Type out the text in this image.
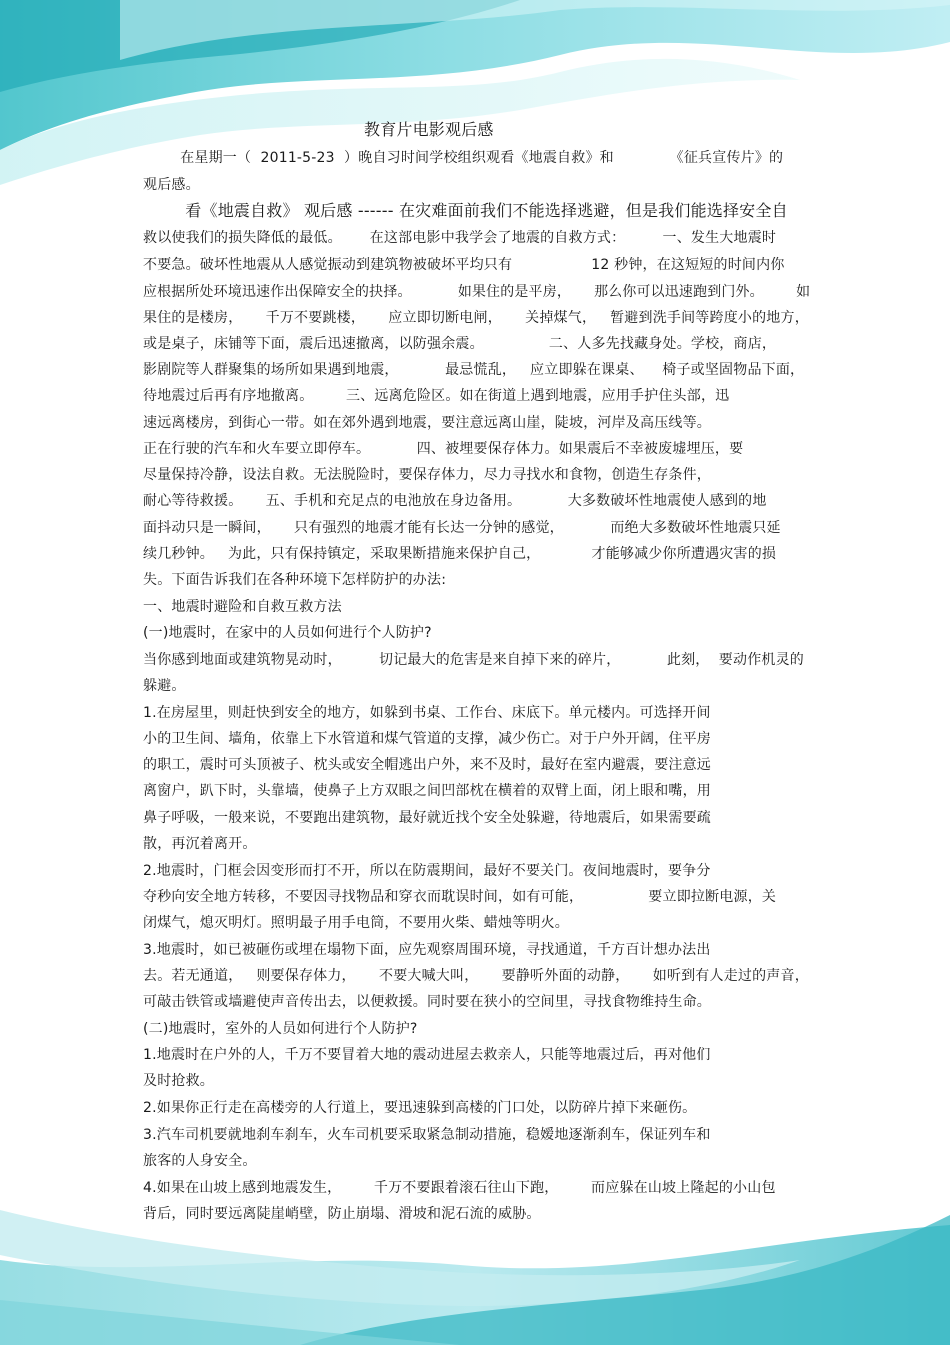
教育片电影观后感
在星期一（  2011-5-23  ）晚自习时间学校组织观看《地震自救》和            《征兵宣传片》的
观后感。
看《地震自救》 观后感 ------ 在灾难面前我们不能选择逃避，但是我们能选择安全自
救以使我们的损失降低的最低。      在这部电影中我学会了地震的自救方式：        一、发生大地震时
不要急。破坏性地震从人感觉振动到建筑物被破坏平均只有                 12 秒钟，在这短短的时间内你
应根据所处环境迅速作出保障安全的抉择。          如果住的是平房，     那么你可以迅速跑到门外。       如
果住的是楼房，     千万不要跳楼，     应立即切断电闸，     关掉煤气，   暂避到洗手间等跨度小的地方，
或是桌子，床铺等下面，震后迅速撤离，以防强余震。              二、人多先找藏身处。学校，商店，
影剧院等人群聚集的场所如果遇到地震，          最忌慌乱，   应立即躲在课桌、    椅子或坚固物品下面，
待地震过后再有序地撤离。       三、远离危险区。如在街道上遇到地震，应用手护住头部，迅
速远离楼房，到街心一带。如在郊外遇到地震，要注意远离山崖，陡坡，河岸及高压线等。
正在行驶的汽车和火车要立即停车。          四、被埋要保存体力。如果震后不幸被废墟埋压，要
尽量保持冷静，设法自救。无法脱险时，要保存体力，尽力寻找水和食物，创造生存条件，
耐心等待救援。     五、手机和充足点的电池放在身边备用。          大多数破坏性地震使人感到的地
面抖动只是一瞬间，     只有强烈的地震才能有长达一分钟的感觉，          而绝大多数破坏性地震只延
续几秒钟。   为此，只有保持镇定，采取果断措施来保护自己，           才能够减少你所遭遇灾害的损
失。下面告诉我们在各种环境下怎样防护的办法:
一、地震时避险和自救互救方法
(一)地震时，在家中的人员如何进行个人防护?
当你感到地面或建筑物晃动时，        切记最大的危害是来自掉下来的碎片，          此刻，  要动作机灵的
躲避。
1.在房屋里，则赶快到安全的地方，如躲到书桌、工作台、床底下。单元楼内。可选择开间
小的卫生间、墙角，依靠上下水管道和煤气管道的支撑，减少伤亡。对于户外开阔，住平房
的职工，震时可头顶被子、枕头或安全帽逃出户外，来不及时，最好在室内避震，要注意远
离窗户，趴下时，头靠墙，使鼻子上方双眼之间凹部枕在横着的双臂上面，闭上眼和嘴，用
鼻子呼吸，一般来说，不要跑出建筑物，最好就近找个安全处躲避，待地震后，如果需要疏
散，再沉着离开。
2.地震时，门框会因变形而打不开，所以在防震期间，最好不要关门。夜间地震时，要争分
夺秒向安全地方转移，不要因寻找物品和穿衣而耽误时间，如有可能，              要立即拉断电源，关
闭煤气，熄灭明灯。照明最子用手电筒，不要用火柴、蜡烛等明火。
3.地震时，如已被砸伤或埋在塌物下面，应先观察周围环境，寻找通道，千方百计想办法出
去。若无通道，   则要保存体力，     不要大喊大叫，     要静听外面的动静，     如听到有人走过的声音，
可敲击铁管或墙避使声音传出去，以便救援。同时要在狭小的空间里，寻找食物维持生命。
(二)地震时，室外的人员如何进行个人防护?
1.地震时在户外的人，千万不要冒着大地的震动进屋去救亲人，只能等地震过后，再对他们
及时抢救。
2.如果你正行走在高楼旁的人行道上，要迅速躲到高楼的门口处，以防碎片掉下来砸伤。
3.汽车司机要就地刹车刹车，火车司机要采取紧急制动措施，稳嫒地逐渐刹车，保证列车和
旅客的人身安全。
4.如果在山坡上感到地震发生，       千万不要跟着滚石往山下跑，       而应躲在山坡上隆起的小山包
背后，同时要远离陡崖峭壁，防止崩塌、滑坡和泥石流的威胁。
